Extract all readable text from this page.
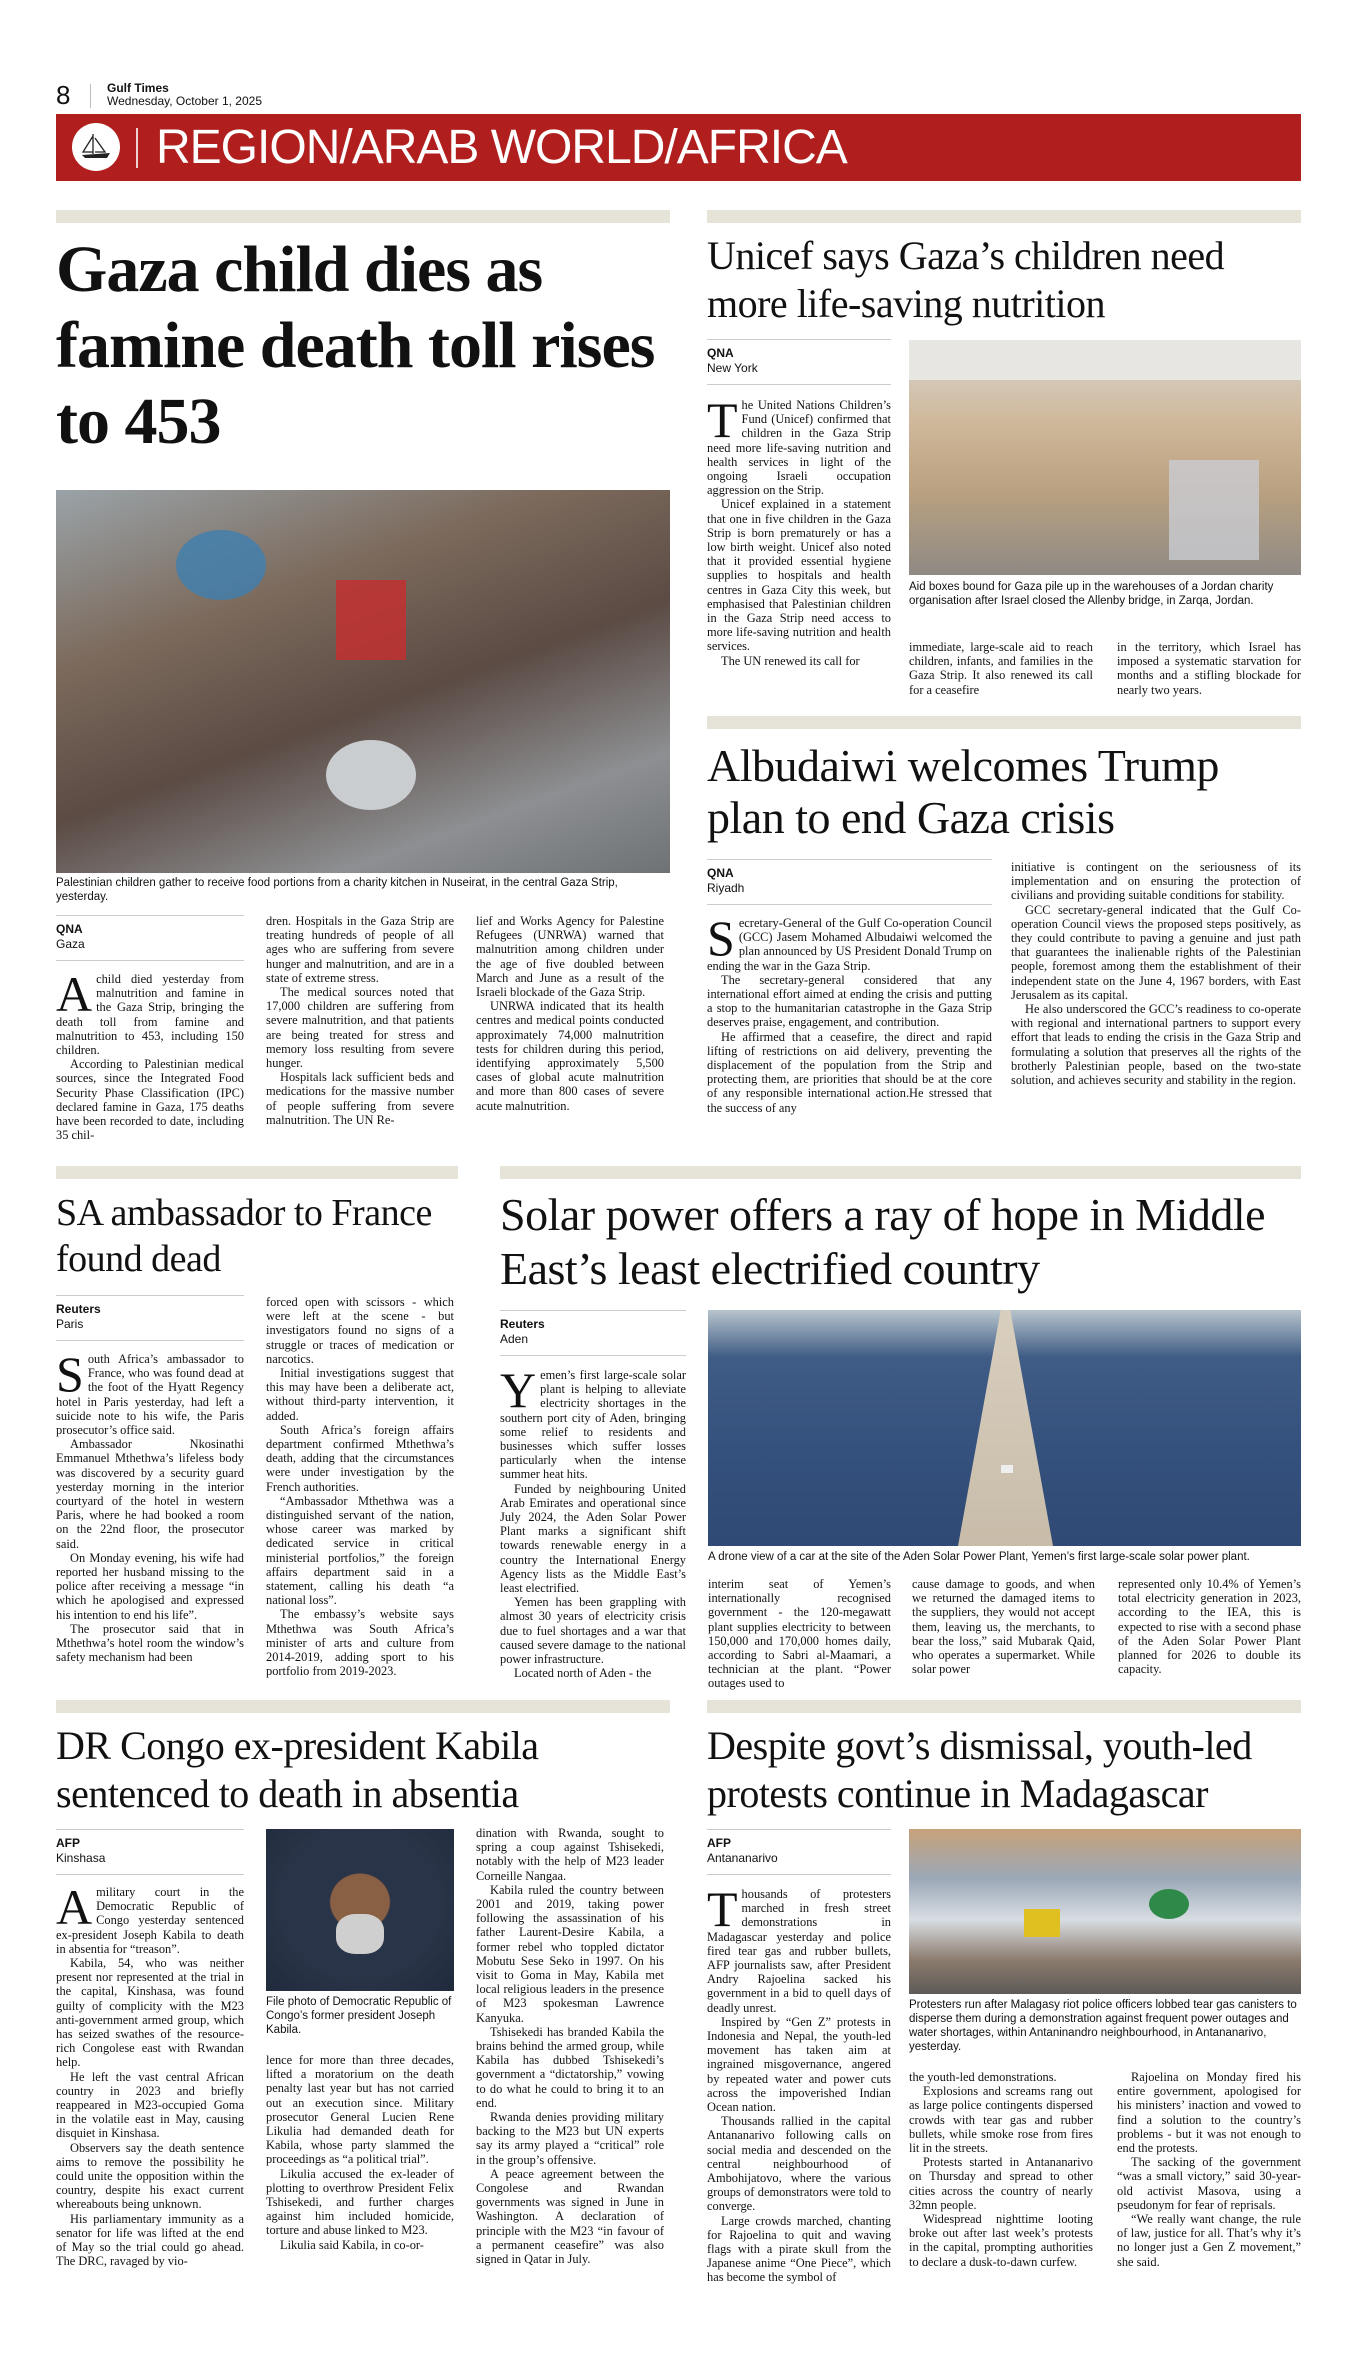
8	Gulf Times
Wednesday, October 1, 2025
REGION/ARAB WORLD/AFRICA
Gaza child dies as famine death toll rises to 453
Palestinian children gather to receive food portions from a charity kitchen in Nuseirat, in the central Gaza Strip, yesterday.
QNA
Gaza

A child died yesterday from malnutrition and famine in the Gaza Strip, bringing the death toll from famine and malnutrition to 453, including 150 children.

According to Palestinian medical sources, since the Integrated Food Security Phase Classification (IPC) declared famine in Gaza, 175 deaths have been recorded to date, including 35 chil-

dren. Hospitals in the Gaza Strip are treating hundreds of people of all ages who are suffering from severe hunger and malnutrition, and are in a state of extreme stress.

The medical sources noted that 17,000 children are suffering from severe malnutrition, and that patients are being treated for stress and memory loss resulting from severe hunger.

Hospitals lack sufficient beds and medications for the massive number of people suffering from severe malnutrition. The UN Re-

lief and Works Agency for Palestine Refugees (UNRWA) warned that malnutrition among children under the age of five doubled between March and June as a result of the Israeli blockade of the Gaza Strip.

UNRWA indicated that its health centres and medical points conducted approximately 74,000 malnutrition tests for children during this period, identifying approximately 5,500 cases of global acute malnutrition and more than 800 cases of severe acute malnutrition.

Unicef says Gaza’s children need more life-saving nutrition
QNA
New York

The United Nations Children’s Fund (Unicef) confirmed that children in the Gaza Strip need more life-saving nutrition and health services in light of the ongoing Israeli occupation aggression on the Strip.

Unicef explained in a statement that one in five children in the Gaza Strip is born prematurely or has a low birth weight. Unicef also noted that it provided essential hygiene supplies to hospitals and health centres in Gaza City this week, but emphasised that Palestinian children in the Gaza Strip need access to more life-saving nutrition and health services.

The UN renewed its call for

Aid boxes bound for Gaza pile up in the warehouses of a Jordan charity organisation after Israel closed the Allenby bridge, in Zarqa, Jordan.

immediate, large-scale aid to reach children, infants, and families in the Gaza Strip. It also renewed its call for a ceasefire

in the territory, which Israel has imposed a systematic starvation for months and a stifling blockade for nearly two years.

Albudaiwi welcomes Trump plan to end Gaza crisis
QNA
Riyadh

Secretary-General of the Gulf Co-operation Council (GCC) Jasem Mohamed Albudaiwi welcomed the plan announced by US President Donald Trump on ending the war in the Gaza Strip.

The secretary-general considered that any international effort aimed at ending the crisis and putting a stop to the humanitarian catastrophe in the Gaza Strip deserves praise, engagement, and contribution.

He affirmed that a ceasefire, the direct and rapid lifting of restrictions on aid delivery, preventing the displacement of the population from the Strip and protecting them, are priorities that should be at the core of any responsible international action.He stressed that the success of any

initiative is contingent on the seriousness of its implementation and on ensuring the protection of civilians and providing suitable conditions for stability.

GCC secretary-general indicated that the Gulf Co-operation Council views the proposed steps positively, as they could contribute to paving a genuine and just path that guarantees the inalienable rights of the Palestinian people, foremost among them the establishment of their independent state on the June 4, 1967 borders, with East Jerusalem as its capital.

He also underscored the GCC’s readiness to co-operate with regional and international partners to support every effort that leads to ending the crisis in the Gaza Strip and formulating a solution that preserves all the rights of the brotherly Palestinian people, based on the two-state solution, and achieves security and stability in the region.

SA ambassador to France found dead
Reuters
Paris

South Africa’s ambassador to France, who was found dead at the foot of the Hyatt Regency hotel in Paris yesterday, had left a suicide note to his wife, the Paris prosecutor’s office said.

Ambassador Nkosinathi Emmanuel Mthethwa’s lifeless body was discovered by a security guard yesterday morning in the interior courtyard of the hotel in western Paris, where he had booked a room on the 22nd floor, the prosecutor said.

On Monday evening, his wife had reported her husband missing to the police after receiving a message “in which he apologised and expressed his intention to end his life”.

The prosecutor said that in Mthethwa’s hotel room the window’s safety mechanism had been

forced open with scissors - which were left at the scene - but investigators found no signs of a struggle or traces of medication or narcotics.

Initial investigations suggest that this may have been a deliberate act, without third-party intervention, it added.

South Africa’s foreign affairs department confirmed Mthethwa’s death, adding that the circumstances were under investigation by the French authorities.

“Ambassador Mthethwa was a distinguished servant of the nation, whose career was marked by dedicated service in critical ministerial portfolios,” the foreign affairs department said in a statement, calling his death “a national loss”.

The embassy’s website says Mthethwa was South Africa’s minister of arts and culture from 2014-2019, adding sport to his portfolio from 2019-2023.

Solar power offers a ray of hope in Middle East’s least electrified country
Reuters
Aden

Yemen’s first large-scale solar plant is helping to alleviate electricity shortages in the southern port city of Aden, bringing some relief to residents and businesses which suffer losses particularly when the intense summer heat hits.

Funded by neighbouring United Arab Emirates and operational since July 2024, the Aden Solar Power Plant marks a significant shift towards renewable energy in a country the International Energy Agency lists as the Middle East’s least electrified.

Yemen has been grappling with almost 30 years of electricity crisis due to fuel shortages and a war that caused severe damage to the national power infrastructure.

Located north of Aden - the

A drone view of a car at the site of the Aden Solar Power Plant, Yemen’s first large-scale solar power plant.

interim seat of Yemen’s internationally recognised government - the 120-megawatt plant supplies electricity to between 150,000 and 170,000 homes daily, according to Sabri al-Maamari, a technician at the plant. “Power outages used to

cause damage to goods, and when we returned the damaged items to the suppliers, they would not accept them, leaving us, the merchants, to bear the loss,” said Mubarak Qaid, who operates a supermarket. While solar power

represented only 10.4% of Yemen’s total electricity generation in 2023, according to the IEA, this is expected to rise with a second phase of the Aden Solar Power Plant planned for 2026 to double its capacity.

DR Congo ex-president Kabila sentenced to death in absentia
AFP
Kinshasa

A military court in the Democratic Republic of Congo yesterday sentenced ex-president Joseph Kabila to death in absentia for “treason”.

Kabila, 54, who was neither present nor represented at the trial in the capital, Kinshasa, was found guilty of complicity with the M23 anti-government armed group, which has seized swathes of the resource-rich Congolese east with Rwandan help.

He left the vast central African country in 2023 and briefly reappeared in M23-occupied Goma in the volatile east in May, causing disquiet in Kinshasa.

Observers say the death sentence aims to remove the possibility he could unite the opposition within the country, despite his exact current whereabouts being unknown.

His parliamentary immunity as a senator for life was lifted at the end of May so the trial could go ahead. The DRC, ravaged by vio-

File photo of Democratic Republic of Congo’s former president Joseph Kabila.

lence for more than three decades, lifted a moratorium on the death penalty last year but has not carried out an execution since. Military prosecutor General Lucien Rene Likulia had demanded death for Kabila, whose party slammed the proceedings as “a political trial”.

Likulia accused the ex-leader of plotting to overthrow President Felix Tshisekedi, and further charges against him included homicide, torture and abuse linked to M23.

Likulia said Kabila, in co-or-

dination with Rwanda, sought to spring a coup against Tshisekedi, notably with the help of M23 leader Corneille Nangaa.

Kabila ruled the country between 2001 and 2019, taking power following the assassination of his father Laurent-Desire Kabila, a former rebel who toppled dictator Mobutu Sese Seko in 1997. On his visit to Goma in May, Kabila met local religious leaders in the presence of M23 spokesman Lawrence Kanyuka.

Tshisekedi has branded Kabila the brains behind the armed group, while Kabila has dubbed Tshisekedi’s government a “dictatorship,” vowing to do what he could to bring it to an end.

Rwanda denies providing military backing to the M23 but UN experts say its army played a “critical” role in the group’s offensive.

A peace agreement between the Congolese and Rwandan governments was signed in June in Washington. A declaration of principle with the M23 “in favour of a permanent ceasefire” was also signed in Qatar in July.

Despite govt’s dismissal, youth-led protests continue in Madagascar
AFP
Antananarivo

Thousands of protesters marched in fresh street demonstrations in Madagascar yesterday and police fired tear gas and rubber bullets, AFP journalists saw, after President Andry Rajoelina sacked his government in a bid to quell days of deadly unrest.

Inspired by “Gen Z” protests in Indonesia and Nepal, the youth-led movement has taken aim at ingrained misgovernance, angered by repeated water and power cuts across the impoverished Indian Ocean nation.

Thousands rallied in the capital Antananarivo following calls on social media and descended on the central neighbourhood of Ambohijatovo, where the various groups of demonstrators were told to converge.

Large crowds marched, chanting for Rajoelina to quit and waving flags with a pirate skull from the Japanese anime “One Piece”, which has become the symbol of

Protesters run after Malagasy riot police officers lobbed tear gas canisters to disperse them during a demonstration against frequent power outages and water shortages, within Antaninandro neighbourhood, in Antananarivo, yesterday.

the youth-led demonstrations.

Explosions and screams rang out as large police contingents dispersed crowds with tear gas and rubber bullets, while smoke rose from fires lit in the streets.

Protests started in Antananarivo on Thursday and spread to other cities across the country of nearly 32mn people.

Widespread nighttime looting broke out after last week’s protests in the capital, prompting authorities to declare a dusk-to-dawn curfew.

Rajoelina on Monday fired his entire government, apologised for his ministers’ inaction and vowed to find a solution to the country’s problems - but it was not enough to end the protests.

The sacking of the government “was a small victory,” said 30-year-old activist Masova, using a pseudonym for fear of reprisals.

“We really want change, the rule of law, justice for all. That’s why it’s no longer just a Gen Z movement,” she said.
